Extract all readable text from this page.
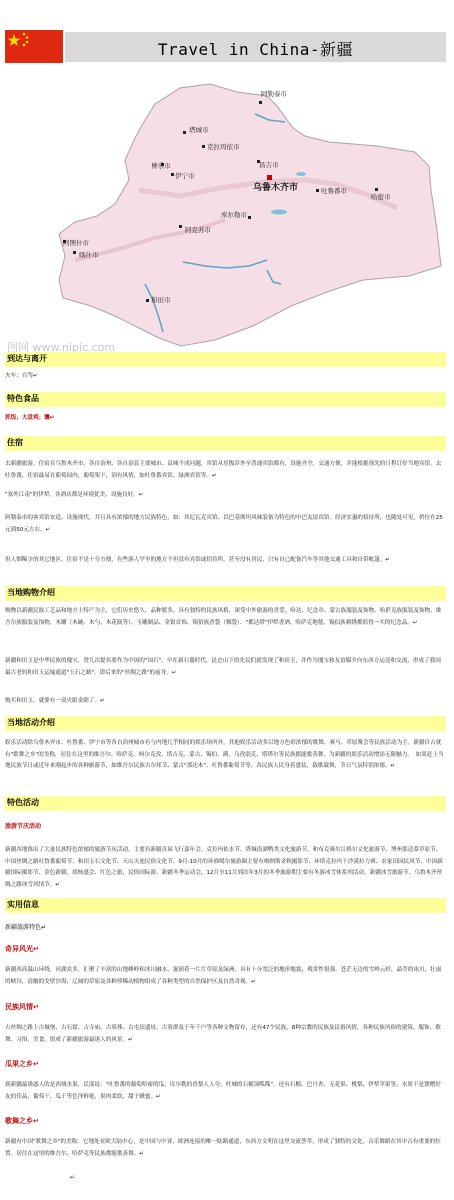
Travel in China-新疆
阿勒泰市
塔城市
克拉玛依市
博乐市
伊宁市
昌吉市
乌鲁木齐市	吐鲁番市
哈密市
阿克苏市
库尔勒市
阿图什市
喀什市
和田市
图网 www.nipic.com
到达与离开
火车；自驾↵
特色食品
抓饭；大盘鸡；馕↵
住宿
去新疆旅游，住宿在乌鲁木齐市、各自治州、各自治县主要城市、县城不成问题，宾馆从星级涉外至普通宾馆都有，设施齐全，交通方便，并能根据预先的日程订好当地宾馆。去吐鲁番，住宿最易在葡萄园内，葡萄架下，别有风情，如吐鲁番宾馆、绿洲宾馆等。↵
"塞外江南"的伊犁，各酒店都是环境优美、设施良好。↵
阿勒泰市的客宾馆安适，设施现代，并且具有浓郁的地方民族特色，如：其尼瓦克宾馆、以巴基斯坦风味装备为特色的中巴友谊宾馆。经济实惠的招待所，也随处可见，价位在25元到50元左右。↵
但人烟稀少的其它地区，住宿不是十分方便，有些游人罕至的地方不但没有宾馆或招待所，甚至没有居民，只有自己配备汽车等其他交通工具和自带帐篷。↵
当地购物介绍
购物以新疆民族工艺品和地方土特产为主，它们历史悠久，品种繁多，具有独特的民族风格，深受中外旅游的喜爱。哈达、纪念章、蒙古族服装及饰物、哈萨克族服装及饰物、维吾尔族服装及饰物、木雕（木碗、木勺、木花瓶等）、玉雕制品、金银首饰、锡伯族香袋（烟袋）、"都达塔"伊犁香酒、哈萨克地毯、锡伯族刺绣都值得一买的纪念品。↵
新疆和田玉是中华民族的瑰宝，曾几次提名要作为中国的"国石"，早在新石器时代，昆仑山下的先民们就发现了和田玉，并作为瑰宝和友谊媒介向东西方运送和交流，形成了我国最古老的和田玉运输通道"玉石之路"，即后来的"丝绸之路"的前身。↵
购买和田玉，就要有一双火眼金睛了。↵
当地活动介绍
娱乐活动除乌鲁木齐市、吐鲁番、伊宁市等各自治州城市有与内地几乎相同的娱乐场所外，其他娱乐活动多以地方色彩浓郁的歌舞、赛马、草原篝会等民族活动为主。新疆自古就有"歌舞之乡"的美称，居住在这里的维吾尔、哈萨克、柯尔克孜、塔吉克、蒙古、锡伯、满、乌孜别克、塔塔尔等民族都能歌善舞，为新疆的娱乐活动增添无限魅力。　如果赶上当地民族节日或近年来刚起步的各种旅游节，如维吾尔民族古尔邦节、蒙古"那达木"、吐鲁番葡萄节等，各民族人民身着盛装，载歌载舞，节日气氛特别浓郁。↵
特色活动
旅游节庆活动
新疆各地推出了大量民族特色浓郁的旅游节庆活动，主要有新疆首届飞行嘉年会、克拉玛依水节、塔城南湖鸭类文化旅游节、和布克赛尔江格尔文化旅游节、博州那达慕草原节、中国丝绸之路吐鲁番葡萄节、和田玉石文化节、天山天池民俗文化节，9月-10月的环准噶尔旅游圈主要有喀纳斯金秋摄影节、环塔克拉玛干沙漠拉力赛、农家田园民风节、中国新疆国际摄影节、金色新疆、胡杨盛会、红色之旅、民俗国际游、新疆冬季运动会，12月至11月到次年3月的冬季旅游期主要有冬游冰雪体系列活动、新疆冰雪旅游节、乌鲁木齐丝绸之路冰雪风情节。↵
实用信息
新疆旅游特色↵
奇异风光↵
新疆西高温山环绕，河湖众多，汇聚了丰富的山地峰岭和冰川融水，滋润着一片片草原及绿洲，具有十分宽泛的地形地貌，观赏性很强。苍茫无边的雪岭云杉，晶莹的冰川，壮丽的峡谷，清幽的戈壁沙海，辽阔的草原及各种珍稀动植物组成了各种类型的自然保护区及自然奇观。↵
民族风情↵
古丝绸之路上古城堡、古石窟、古寺庙、古墓葬、古屯田遗址、古墓群及千年千户等各种文物留存，还有47个民族，8种宗教的民族及民俗风情，各种民族风俗的建筑、服饰、歌舞、习俗、美食，组成了新疆旅游最迷人的风景。↵
瓜果之乡↵
到新疆最诱惑人的是西域水果，民谣说："吐鲁番的葡萄哈密的瓜，库尔勒的香梨人人夸，叶城的石榴顶呱呱"，还有石榴、巴旦杏、无花果、桃梨、伊犁苹果等，水果干是馈赠好友的佳品，葡萄干、瓜干等色泽鲜艳，果肉柔软，甜于蜂蜜。↵
歌舞之乡↵
新疆有中国"歌舞之乡"的美称。它地处亚欧大陆中心，是中国与中亚、欧洲连接的唯一陆路通道，东西方文明在这里交流荟萃，形成了独特的文化，音乐舞蹈在其中占有重要的位置。居住在这里的维吾尔、哈萨克等民族都能歌善舞。↵
↵
